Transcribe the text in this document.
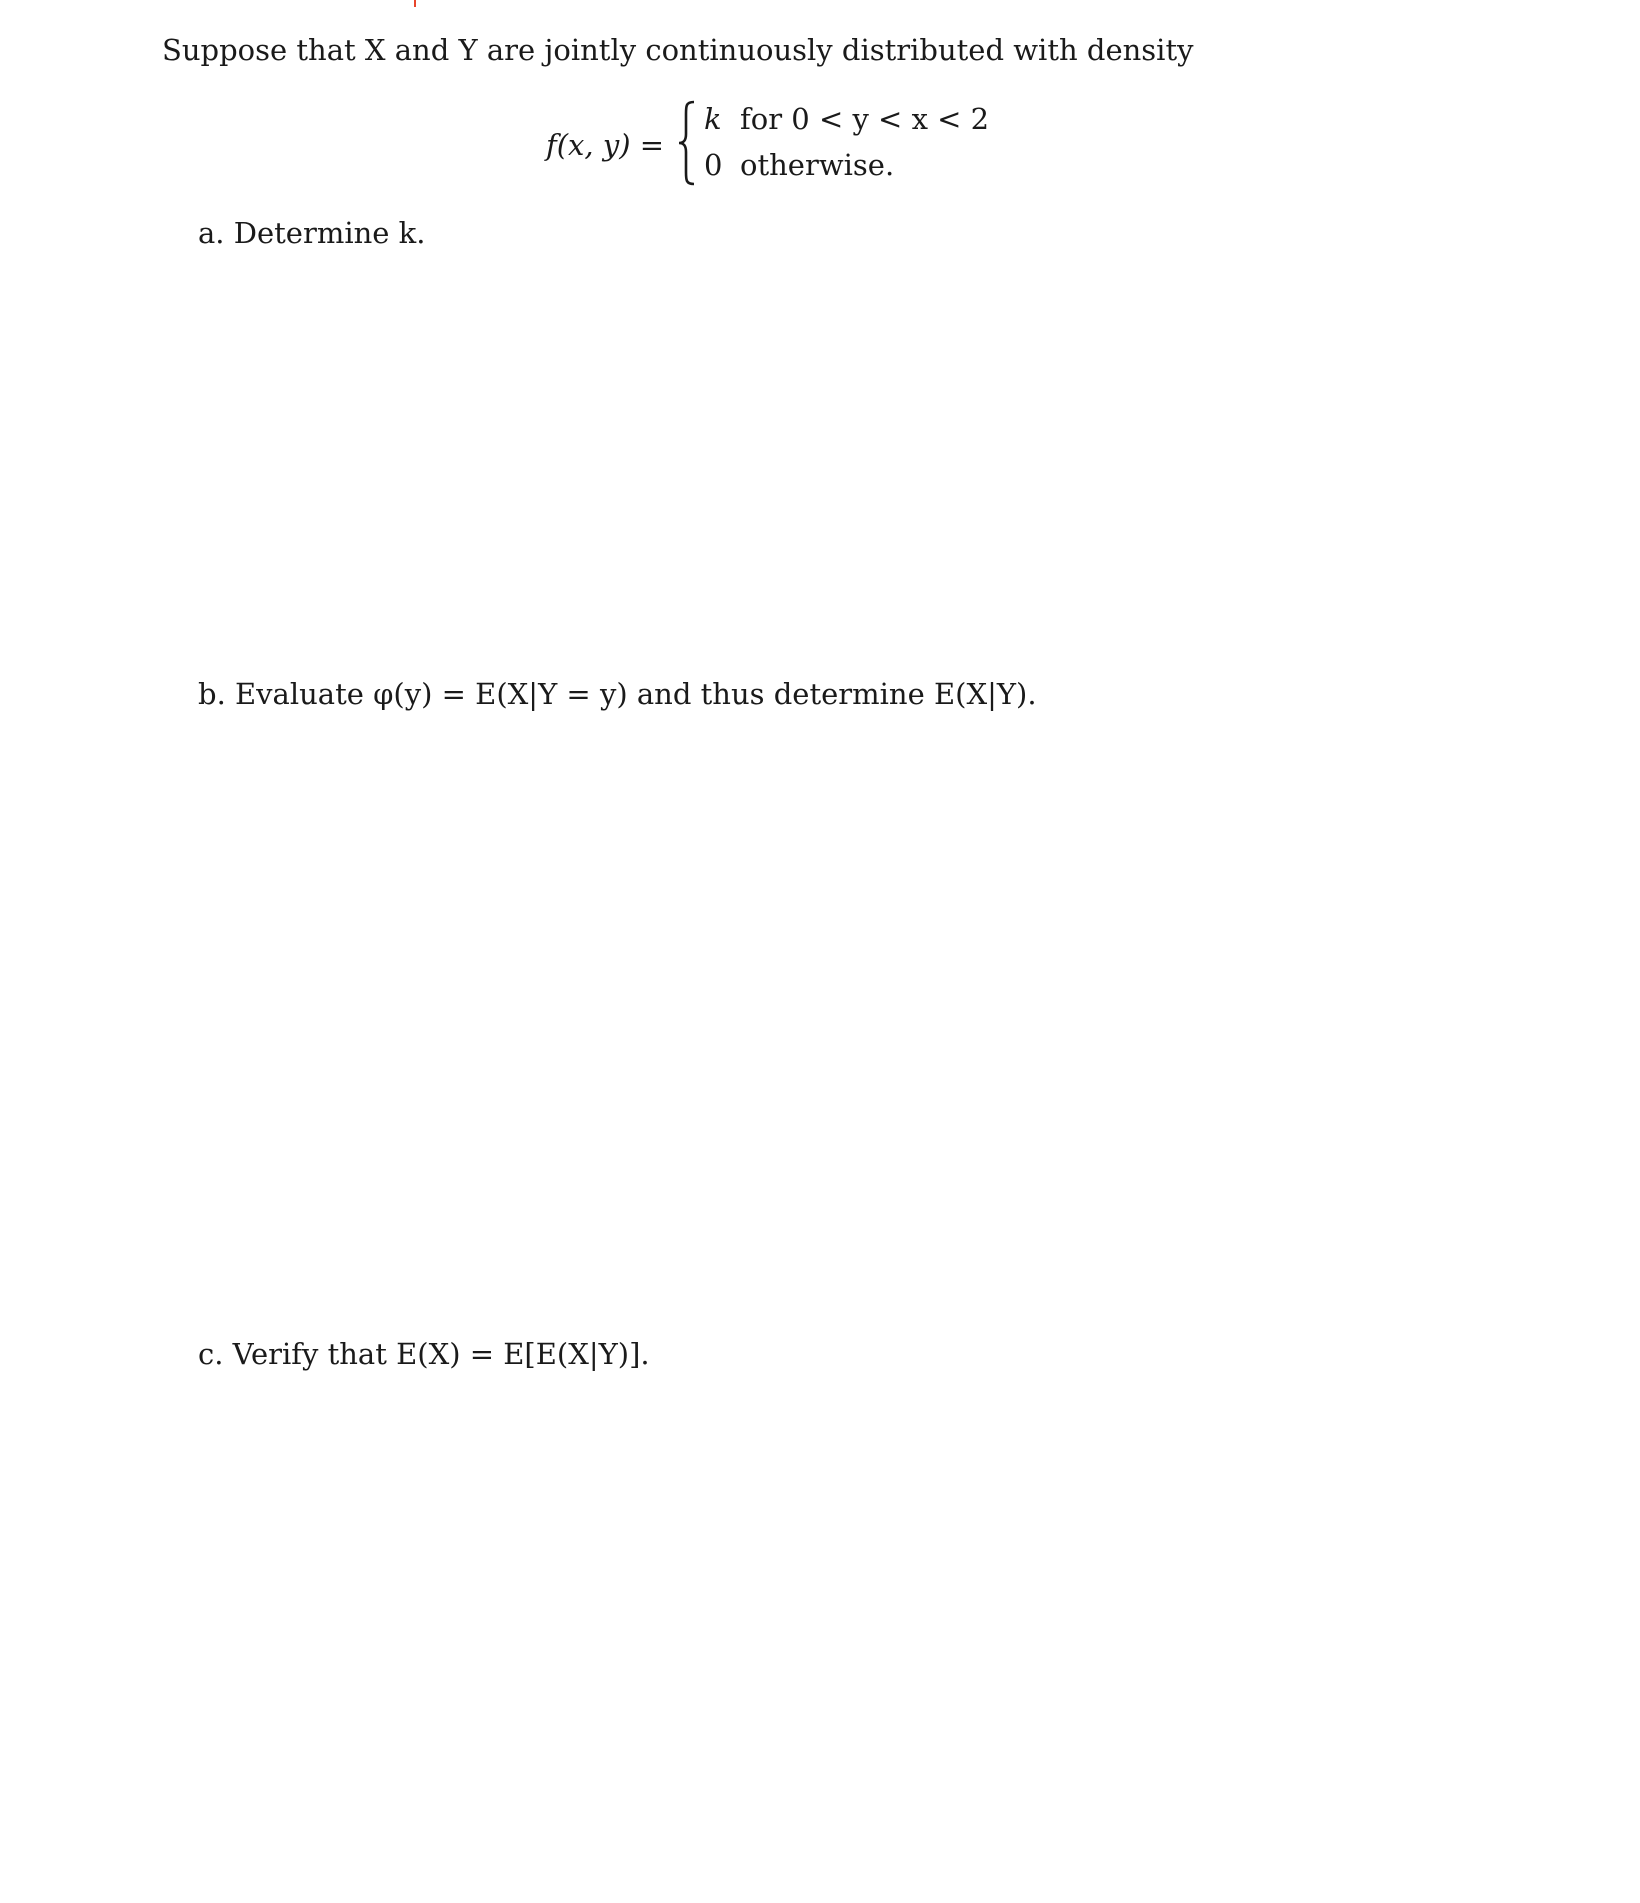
Suppose that X and Y are jointly continuously distributed with density
f(x, y) =
k for 0 < y < x < 2
0 otherwise.
a. Determine k.
b. Evaluate φ(y) = E(X|Y = y) and thus determine E(X|Y).
c. Verify that E(X) = E[E(X|Y)].
